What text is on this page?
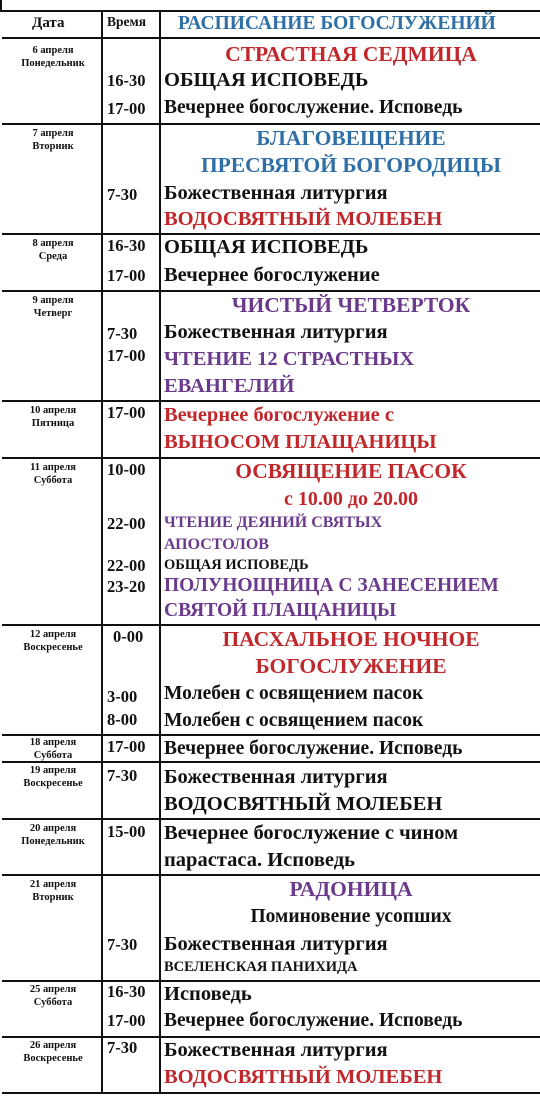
Дата	Время РАСПИСАНИЕ БОГОСЛУЖЕНИЙ
6 апреля
Понедельник	СТРАСТНАЯ СЕДМИЦА
16-30 ОБЩАЯ ИСПОВЕДЬ
17-00 Вечернее богослужение. Исповедь
7 апреля
Вторник	БЛАГОВЕЩЕНИЕ
ПРЕСВЯТОЙ БОГОРОДИЦЫ
7-30 Божественная литургия
ВОДОСВЯТНЫЙ МОЛЕБЕН
8 апреля
Среда
16-30 ОБЩАЯ ИСПОВЕДЬ
17-00 Вечернее богослужение
9 апреля
Четверг	ЧИСТЫЙ ЧЕТВЕРТОК
7-30 Божественная литургия
17-00 ЧТЕНИЕ 12 СТРАСТНЫХ
ЕВАНГЕЛИЙ
10 апреля
Пятница
17-00 Вечернее богослужение с
ВЫНОСОМ ПЛАЩАНИЦЫ
11 апреля
Суббота
10-00	ОСВЯЩЕНИЕ ПАСОК
с 10.00 до 20.00
22-00 ЧТЕНИЕ ДЕЯНИЙ СВЯТЫХ
АПОСТОЛОВ
22-00 ОБЩАЯ ИСПОВЕДЬ
23-20 ПОЛУНОЩНИЦА С ЗАНЕСЕНИЕМ
СВЯТОЙ ПЛАЩАНИЦЫ
12 апреля
Воскресенье
0-00	ПАСХАЛЬНОЕ НОЧНОЕ
БОГОСЛУЖЕНИЕ
3-00 Молебен с освящением пасок
8-00 Молебен с освящением пасок
18 апреля
Суббота	17-00 Вечернее богослужение. Исповедь
19 апреля
Воскресенье	7-30 Божественная литургия
ВОДОСВЯТНЫЙ МОЛЕБЕН
20 апреля
Понедельник
15-00 Вечернее богослужение с чином
парастаса. Исповедь
21 апреля
Вторник	РАДОНИЦА
Поминовение усопших
7-30 Божественная литургия
ВСЕЛЕНСКАЯ ПАНИХИДА
25 апреля
Суббота
16-30 Исповедь
17-00 Вечернее богослужение. Исповедь
26 апреля
Воскресенье
7-30 Божественная литургия
ВОДОСВЯТНЫЙ МОЛЕБЕН
